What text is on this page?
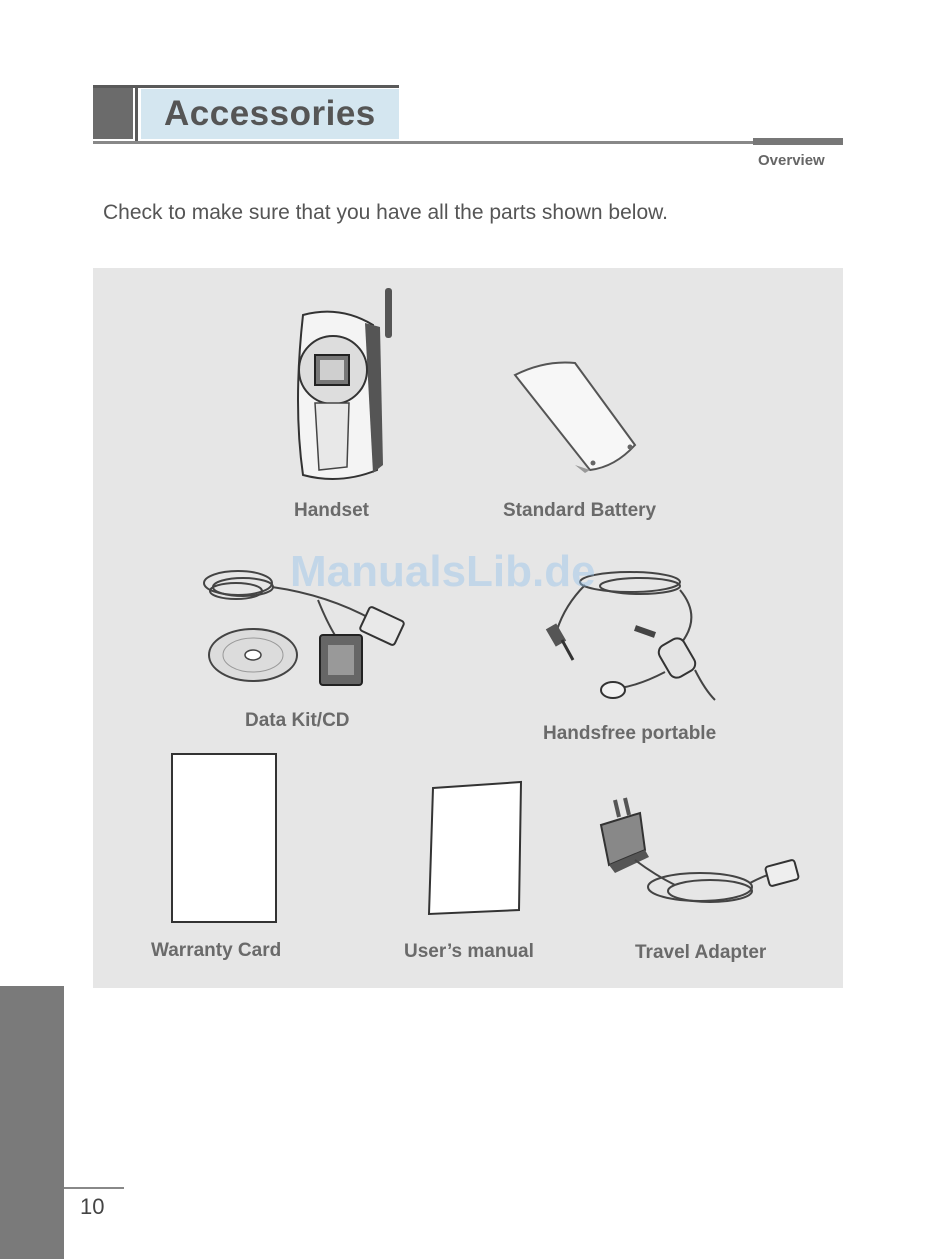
Accessories
Overview
Check to make sure that you have all the parts shown below.
Handset	Standard Battery
Data Kit/CD
Handsfree portable
ManualsLib.de
Warranty Card	User’s manual	Travel Adapter
10
